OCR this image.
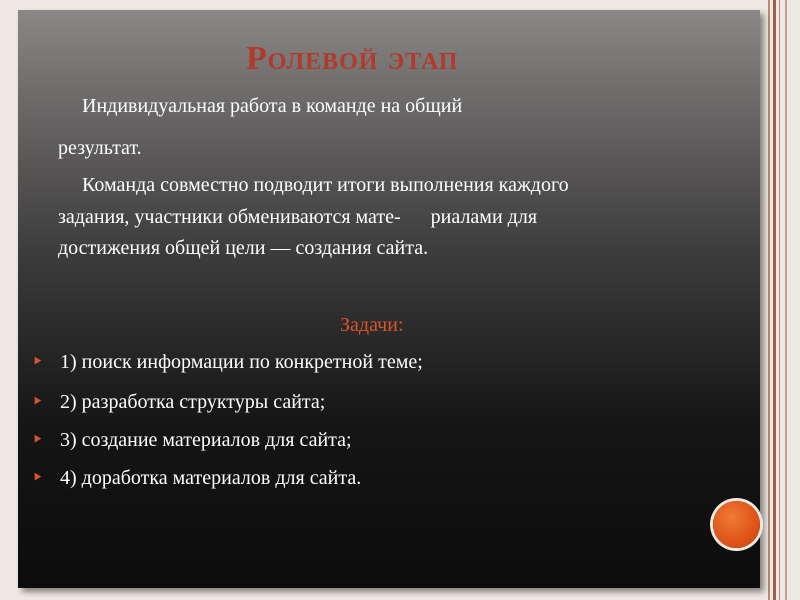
Ролевой этап
Индивидуальная работа в команде на общий
результат.
Команда совместно подводит итоги выполнения каждого
задания, участники обмениваются мате-      риалами для
достижения общей цели — создания сайта.
Задачи:
⯈ 1) поиск информации по конкретной теме;
⯈ 2) разработка структуры сайта;
⯈ 3) создание материалов для сайта;
⯈ 4) доработка материалов для сайта.
